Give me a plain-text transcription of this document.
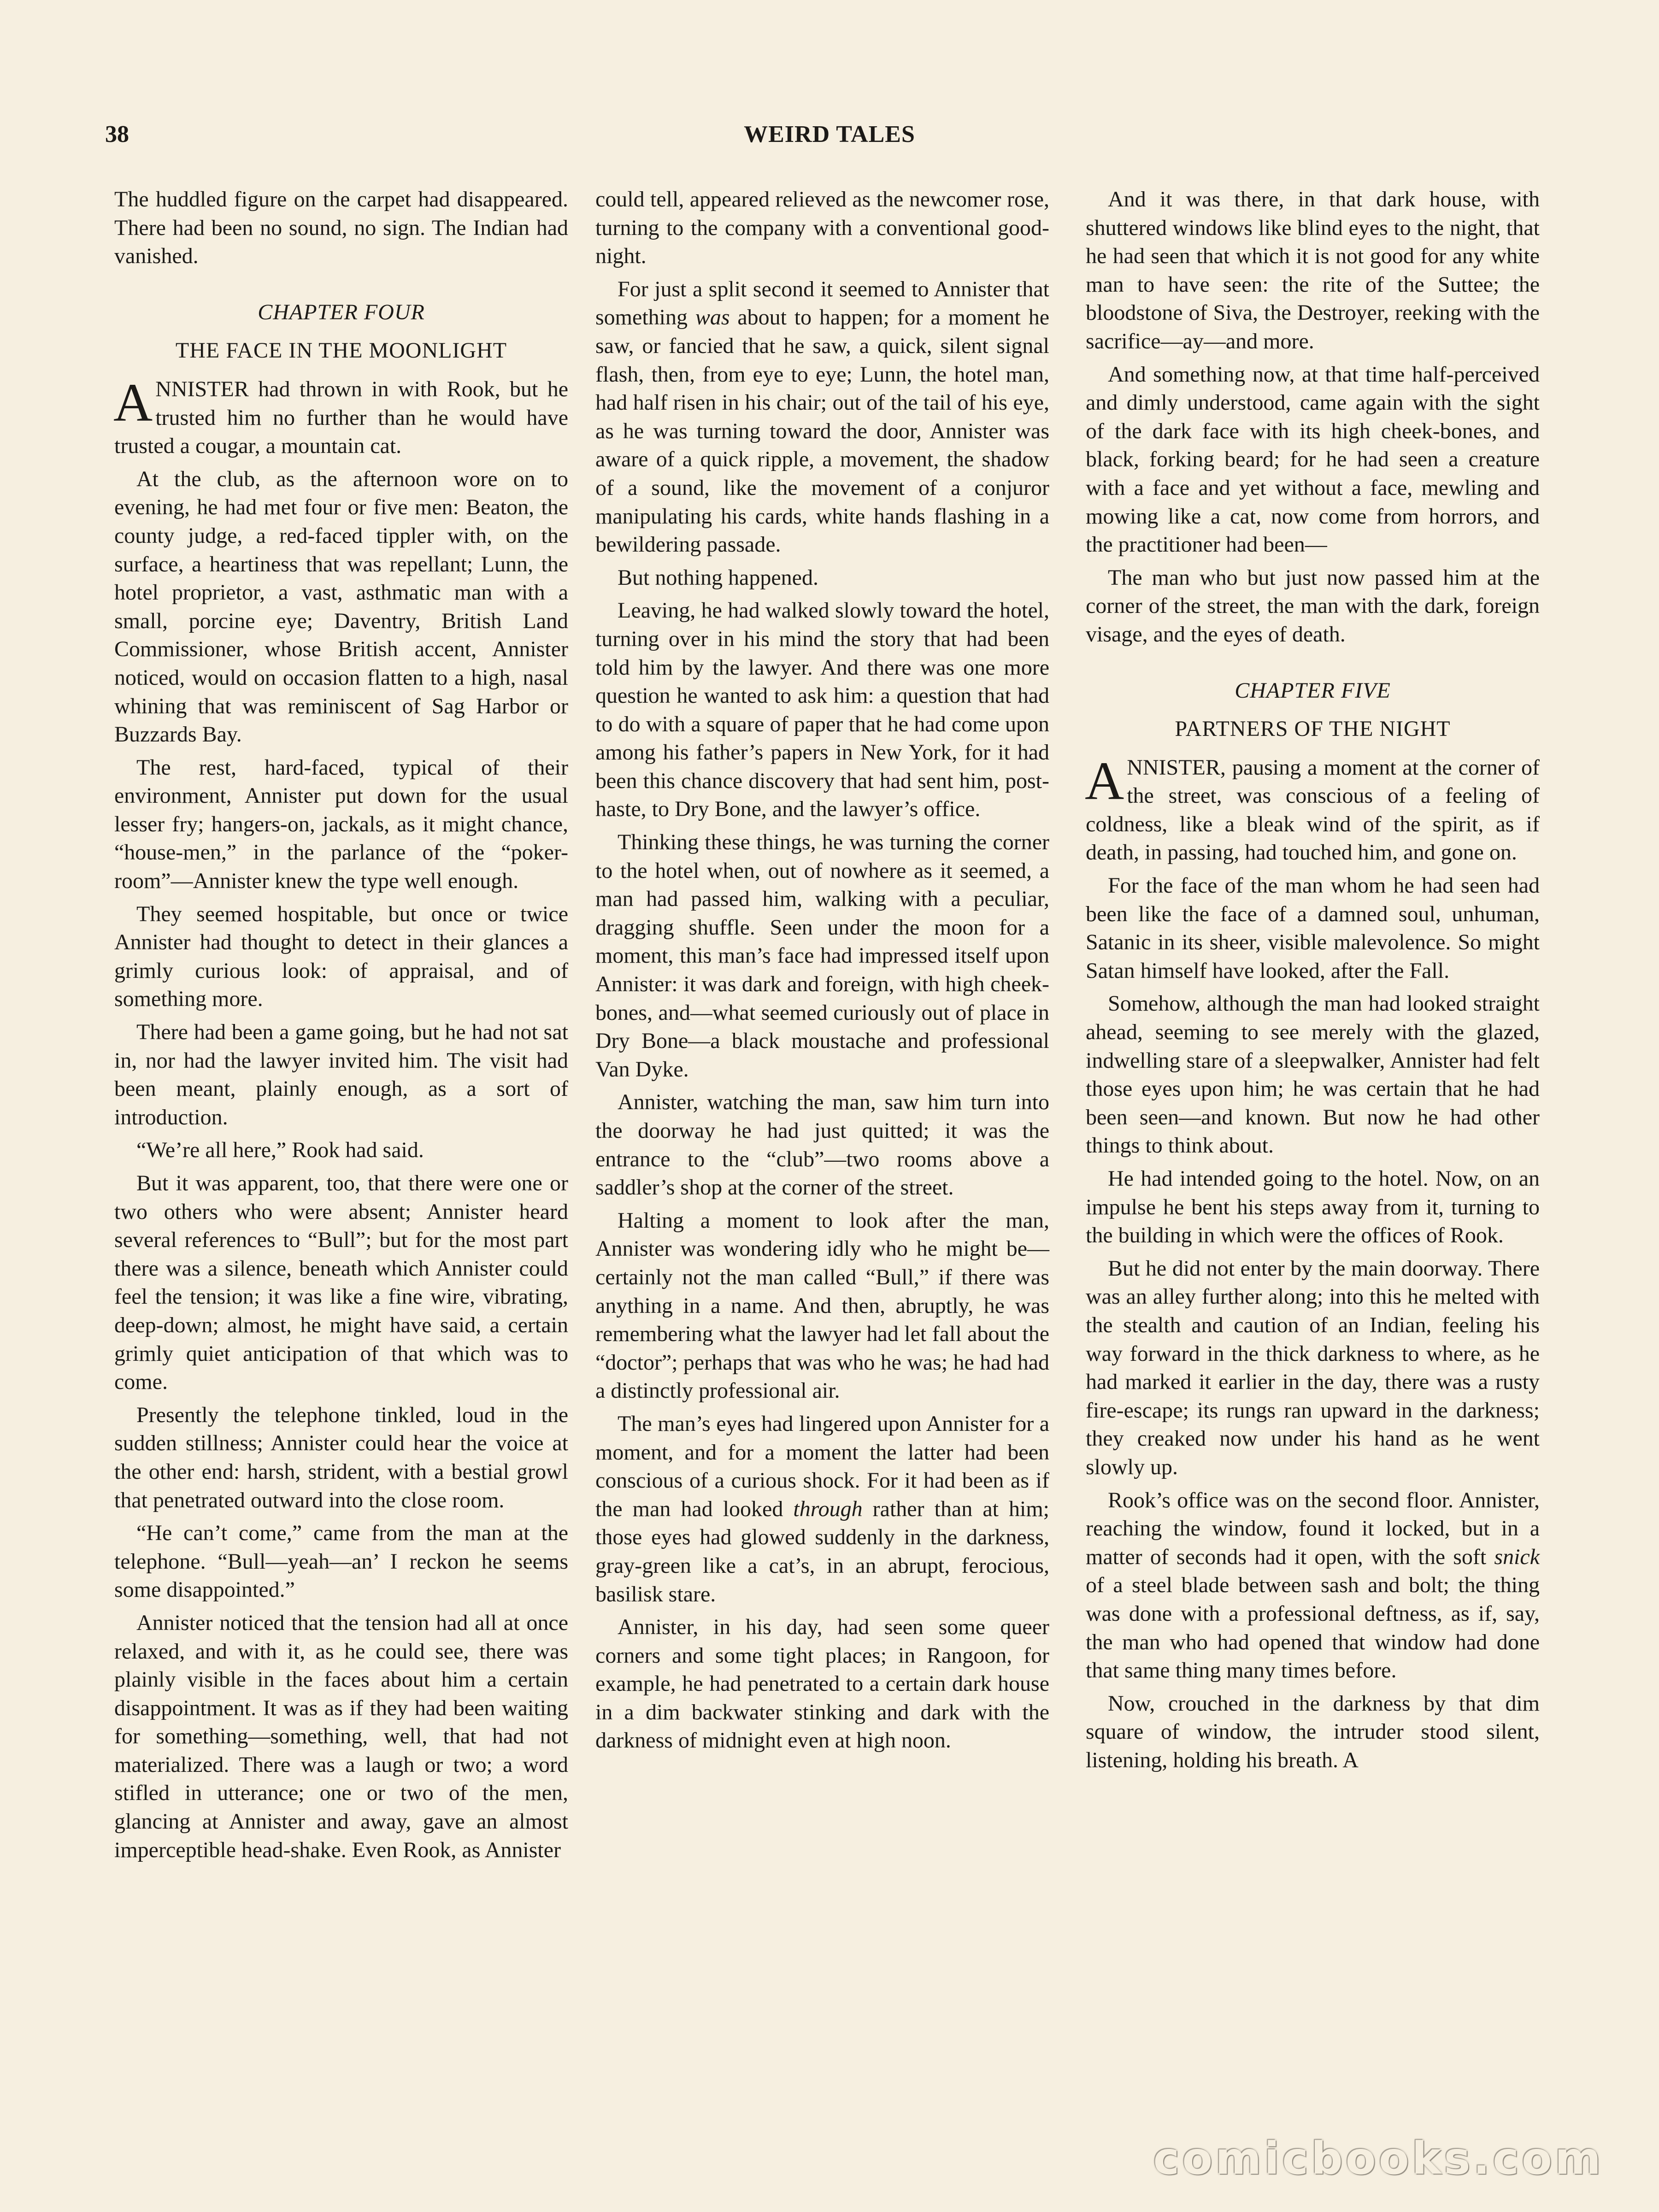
38	WEIRD TALES

The huddled figure on the carpet had disappeared. There had been no sound, no sign. The Indian had vanished.

CHAPTER FOUR
THE FACE IN THE MOONLIGHT

ANNISTER had thrown in with Rook, but he trusted him no further than he would have trusted a cougar, a mountain cat.

At the club, as the afternoon wore on to evening, he had met four or five men: Beaton, the county judge, a red-faced tippler with, on the surface, a heartiness that was repellant; Lunn, the hotel proprietor, a vast, asthmatic man with a small, porcine eye; Daventry, British Land Commissioner, whose British accent, Annister noticed, would on occasion flatten to a high, nasal whining that was reminiscent of Sag Harbor or Buzzards Bay.

The rest, hard-faced, typical of their environment, Annister put down for the usual lesser fry; hangers-on, jackals, as it might chance, “house-men,” in the parlance of the “poker-room”—Annister knew the type well enough.

They seemed hospitable, but once or twice Annister had thought to detect in their glances a grimly curious look: of appraisal, and of something more.

There had been a game going, but he had not sat in, nor had the lawyer invited him. The visit had been meant, plainly enough, as a sort of introduction.

“We’re all here,” Rook had said.

But it was apparent, too, that there were one or two others who were absent; Annister heard several references to “Bull”; but for the most part there was a silence, beneath which Annister could feel the tension; it was like a fine wire, vibrating, deep-down; almost, he might have said, a certain grimly quiet anticipation of that which was to come.

Presently the telephone tinkled, loud in the sudden stillness; Annister could hear the voice at the other end: harsh, strident, with a bestial growl that penetrated outward into the close room.

“He can’t come,” came from the man at the telephone. “Bull—yeah—an’ I reckon he seems some disappointed.”

Annister noticed that the tension had all at once relaxed, and with it, as he could see, there was plainly visible in the faces about him a certain disappointment. It was as if they had been waiting for something—something, well, that had not materialized. There was a laugh or two; a word stifled in utterance; one or two of the men, glancing at Annister and away, gave an almost imperceptible head-shake. Even Rook, as Annister

could tell, appeared relieved as the newcomer rose, turning to the company with a conventional good-night.

For just a split second it seemed to Annister that something was about to happen; for a moment he saw, or fancied that he saw, a quick, silent signal flash, then, from eye to eye; Lunn, the hotel man, had half risen in his chair; out of the tail of his eye, as he was turning toward the door, Annister was aware of a quick ripple, a movement, the shadow of a sound, like the movement of a conjuror manipulating his cards, white hands flashing in a bewildering passade.

But nothing happened.

Leaving, he had walked slowly toward the hotel, turning over in his mind the story that had been told him by the lawyer. And there was one more question he wanted to ask him: a question that had to do with a square of paper that he had come upon among his father’s papers in New York, for it had been this chance discovery that had sent him, post-haste, to Dry Bone, and the lawyer’s office.

Thinking these things, he was turning the corner to the hotel when, out of nowhere as it seemed, a man had passed him, walking with a peculiar, dragging shuffle. Seen under the moon for a moment, this man’s face had impressed itself upon Annister: it was dark and foreign, with high cheek-bones, and—what seemed curiously out of place in Dry Bone—a black moustache and professional Van Dyke.

Annister, watching the man, saw him turn into the doorway he had just quitted; it was the entrance to the “club”—two rooms above a saddler’s shop at the corner of the street.

Halting a moment to look after the man, Annister was wondering idly who he might be—certainly not the man called “Bull,” if there was anything in a name. And then, abruptly, he was remembering what the lawyer had let fall about the “doctor”; perhaps that was who he was; he had had a distinctly professional air.

The man’s eyes had lingered upon Annister for a moment, and for a moment the latter had been conscious of a curious shock. For it had been as if the man had looked through rather than at him; those eyes had glowed suddenly in the darkness, gray-green like a cat’s, in an abrupt, ferocious, basilisk stare.

Annister, in his day, had seen some queer corners and some tight places; in Rangoon, for example, he had penetrated to a certain dark house in a dim backwater stinking and dark with the darkness of midnight even at high noon.

And it was there, in that dark house, with shuttered windows like blind eyes to the night, that he had seen that which it is not good for any white man to have seen: the rite of the Suttee; the bloodstone of Siva, the Destroyer, reeking with the sacrifice—ay—and more.

And something now, at that time half-perceived and dimly understood, came again with the sight of the dark face with its high cheek-bones, and black, forking beard; for he had seen a creature with a face and yet without a face, mewling and mowing like a cat, now come from horrors, and the practitioner had been—

The man who but just now passed him at the corner of the street, the man with the dark, foreign visage, and the eyes of death.

CHAPTER FIVE
PARTNERS OF THE NIGHT

ANNISTER, pausing a moment at the corner of the street, was conscious of a feeling of coldness, like a bleak wind of the spirit, as if death, in passing, had touched him, and gone on.

For the face of the man whom he had seen had been like the face of a damned soul, unhuman, Satanic in its sheer, visible malevolence. So might Satan himself have looked, after the Fall.

Somehow, although the man had looked straight ahead, seeming to see merely with the glazed, indwelling stare of a sleepwalker, Annister had felt those eyes upon him; he was certain that he had been seen—and known. But now he had other things to think about.

He had intended going to the hotel. Now, on an impulse he bent his steps away from it, turning to the building in which were the offices of Rook.

But he did not enter by the main doorway. There was an alley further along; into this he melted with the stealth and caution of an Indian, feeling his way forward in the thick darkness to where, as he had marked it earlier in the day, there was a rusty fire-escape; its rungs ran upward in the darkness; they creaked now under his hand as he went slowly up.

Rook’s office was on the second floor. Annister, reaching the window, found it locked, but in a matter of seconds had it open, with the soft snick of a steel blade between sash and bolt; the thing was done with a professional deftness, as if, say, the man who had opened that window had done that same thing many times before.

Now, crouched in the darkness by that dim square of window, the intruder stood silent, listening, holding his breath. A

comicbooks.com
